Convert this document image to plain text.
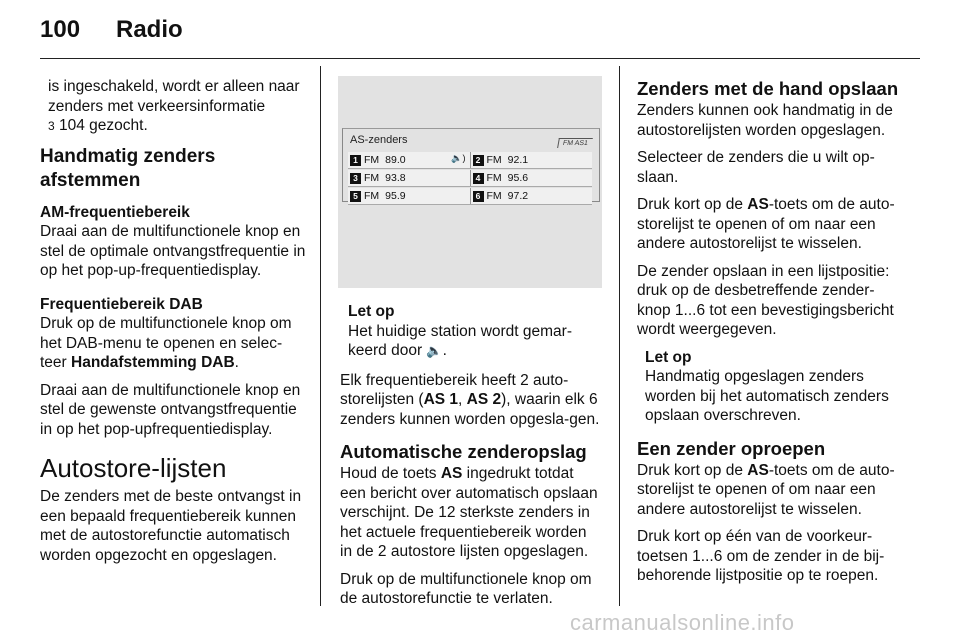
100 Radio

is ingeschakeld, wordt er alleen naar zenders met verkeersinformatie
3 104 gezocht.

Handmatig zenders afstemmen
AM-frequentiebereik

Draai aan de multifunctionele knop en stel de optimale ontvangstfrequentie in op het pop-up-frequentiedisplay.

Frequentiebereik DAB

Druk op de multifunctionele knop om het DAB-menu te openen en selec-teer Handafstemming DAB.

Draai aan de multifunctionele knop en stel de gewenste ontvangstfrequentie in op het pop-upfrequentiedisplay.

Autostore-lijsten

De zenders met de beste ontvangst in een bepaald frequentiebereik kunnen met de autostorefunctie automatisch worden opgezocht en opgeslagen.

AS-zenders	FM AS1
1 FM 89.0	🔈)	2 FM 92.1
3 FM 93.8	4 FM 95.6
5 FM 95.9	6 FM 97.2
Let op
Het huidige station wordt gemar-keerd door 🔈.

Elk frequentiebereik heeft 2 auto-storelijsten (AS 1, AS 2), waarin elk 6 zenders kunnen worden opgesla-gen.

Automatische zenderopslag

Houd de toets AS ingedrukt totdat een bericht over automatisch opslaan verschijnt. De 12 sterkste zenders in het actuele frequentiebereik worden in de 2 autostore lijsten opgeslagen.

Druk op de multifunctionele knop om de autostorefunctie te verlaten.

Zenders met de hand opslaan

Zenders kunnen ook handmatig in de autostorelijsten worden opgeslagen.

Selecteer de zenders die u wilt op-slaan.

Druk kort op de AS-toets om de auto-storelijst te openen of om naar een andere autostorelijst te wisselen.

De zender opslaan in een lijstpositie: druk op de desbetreffende zender-knop 1...6 tot een bevestigingsbericht wordt weergegeven.

Let op
Handmatig opgeslagen zenders worden bij het automatisch zenders opslaan overschreven.
Een zender oproepen

Druk kort op de AS-toets om de auto-storelijst te openen of om naar een andere autostorelijst te wisselen.

Druk kort op één van de voorkeur-toetsen 1...6 om de zender in de bij-behorende lijstpositie op te roepen.

carmanualsonline.info
